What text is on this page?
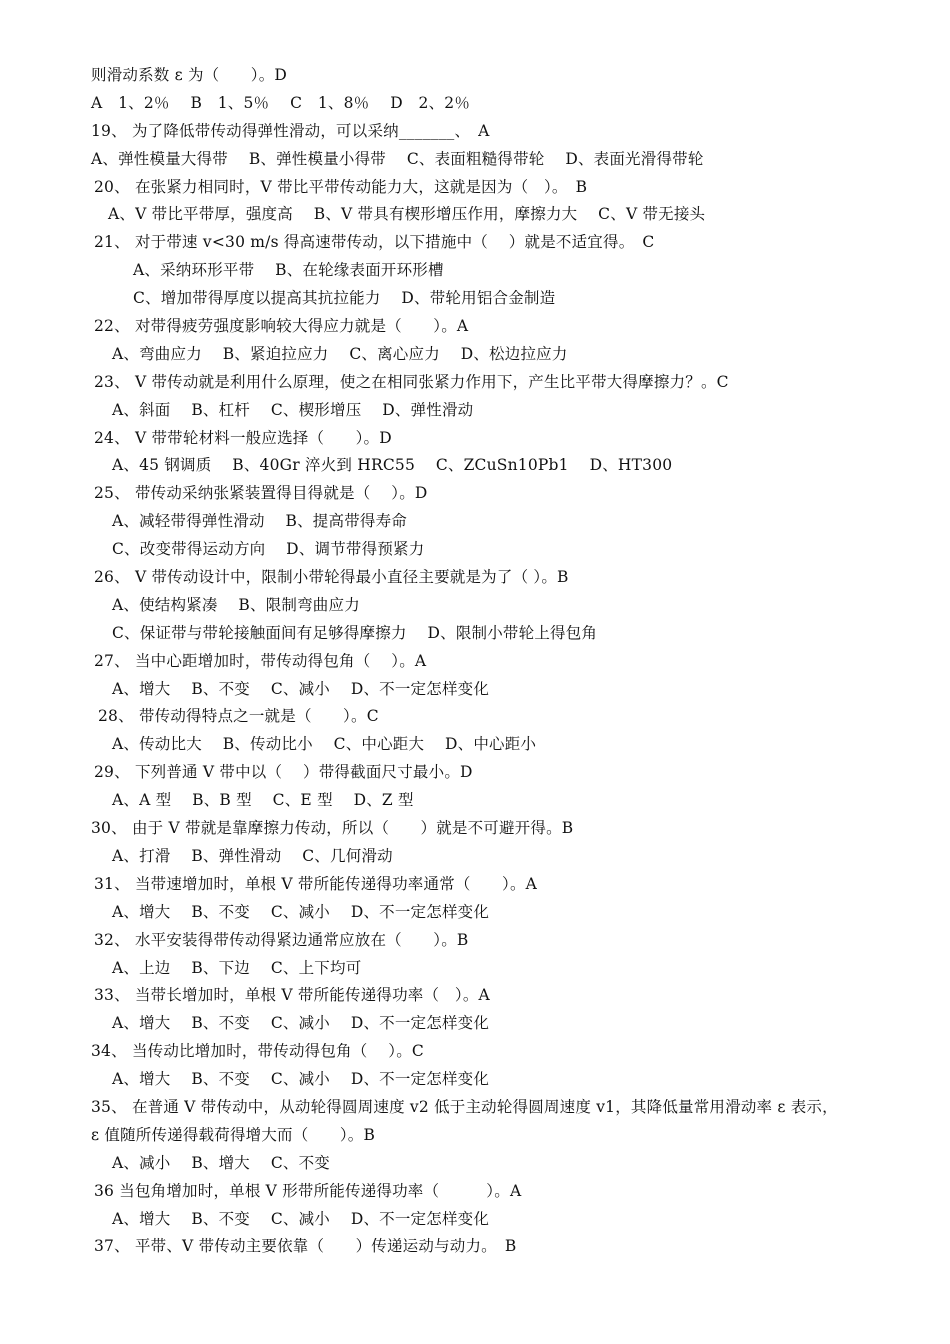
则滑动系数 ε 为（　　）。D
A　1、2％　 B　1、5％　 C　1、8％　 D　2、2％
19、 为了降低带传动得弹性滑动，可以采纳_______、　A
A、弹性模量大得带　 B、弹性模量小得带　 C、表面粗糙得带轮　 D、表面光滑得带轮
20、 在张紧力相同时，V 带比平带传动能力大，这就是因为（　）。　B
A、V 带比平带厚，强度高　 B、V 带具有楔形增压作用，摩擦力大　 C、V 带无接头
21、 对于带速 v<30 m/s 得高速带传动，以下措施中（　 ）就是不适宜得。　C
A、采纳环形平带　 B、在轮缘表面开环形槽
C、增加带得厚度以提高其抗拉能力　 D、带轮用铝合金制造
22、 对带得疲劳强度影响较大得应力就是（　　）。A
A、弯曲应力　 B、紧迫拉应力　 C、离心应力　 D、松边拉应力
23、 V 带传动就是利用什么原理，使之在相同张紧力作用下，产生比平带大得摩擦力？。C
A、斜面　 B、杠杆　 C、楔形增压　 D、弹性滑动
24、 V 带带轮材料一般应选择（　　）。D
A、45 钢调质　 B、40Gr 淬火到 HRC55　 C、ZCuSn10Pb1　 D、HT300
25、 带传动采纳张紧装置得目得就是（　 ）。D
A、减轻带得弹性滑动　 B、提高带得寿命
C、改变带得运动方向　 D、调节带得预紧力
26、 V 带传动设计中，限制小带轮得最小直径主要就是为了（ ）。B
A、使结构紧凑　 B、限制弯曲应力
C、保证带与带轮接触面间有足够得摩擦力　 D、限制小带轮上得包角
27、 当中心距增加时，带传动得包角（　 ）。A
A、增大　 B、不变　 C、减小　 D、不一定怎样变化
28、 带传动得特点之一就是（　　）。C
A、传动比大　 B、传动比小　 C、中心距大　 D、中心距小
29、 下列普通 V 带中以（　 ）带得截面尺寸最小。D
A、A 型　 B、B 型　 C、E 型　 D、Z 型
30、 由于 V 带就是靠摩擦力传动，所以（　　）就是不可避开得。B
A、打滑　 B、弹性滑动　 C、几何滑动
31、 当带速增加时，单根 V 带所能传递得功率通常（　　）。A
A、增大　 B、不变　 C、减小　 D、不一定怎样变化
32、 水平安装得带传动得紧边通常应放在（　　）。B
A、上边　 B、下边　 C、上下均可
33、 当带长增加时，单根 V 带所能传递得功率（　）。A
A、增大　 B、不变　 C、减小　 D、不一定怎样变化
34、 当传动比增加时，带传动得包角（　 ）。C
A、增大　 B、不变　 C、减小　 D、不一定怎样变化
35、 在普通 V 带传动中，从动轮得圆周速度 v2 低于主动轮得圆周速度 v1，其降低量常用滑动率 ε 表示，
ε 值随所传递得载荷得增大而（　　）。B
A、减小　 B、增大　 C、不变
36 当包角增加时，单根 V 形带所能传递得功率（　　　）。A
A、增大　 B、不变　 C、减小　 D、不一定怎样变化
37、 平带、V 带传动主要依靠（　　）传递运动与动力。　B
